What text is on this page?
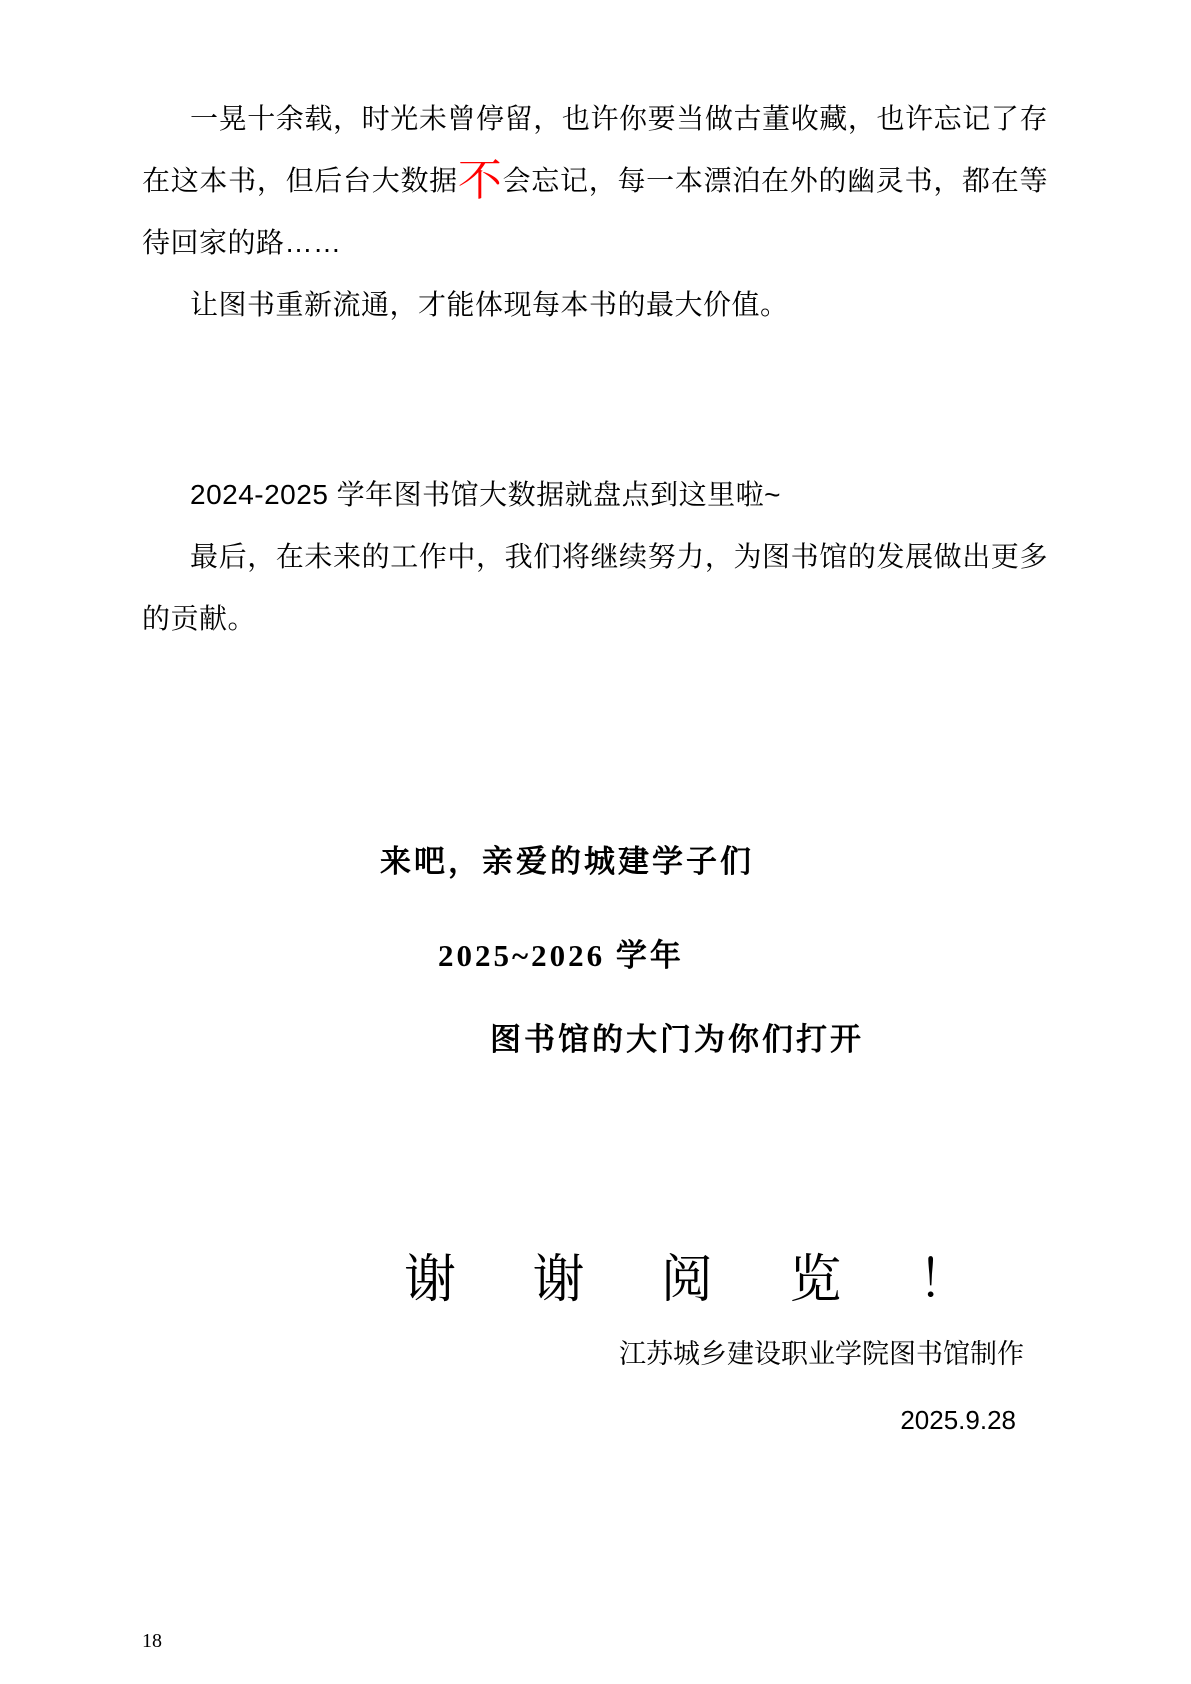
一晃十余载，时光未曾停留，也许你要当做古董收藏，也许忘记了存在这本书，但后台大数据不会忘记，每一本漂泊在外的幽灵书，都在等待回家的路……

让图书重新流通，才能体现每本书的最大价值。

2024-2025 学年图书馆大数据就盘点到这里啦~

最后，在未来的工作中，我们将继续努力，为图书馆的发展做出更多的贡献。

来吧，亲爱的城建学子们

2025~2026 学年

图书馆的大门为你们打开

谢 谢 阅 览 ！

江苏城乡建设职业学院图书馆制作

2025.9.28

18
